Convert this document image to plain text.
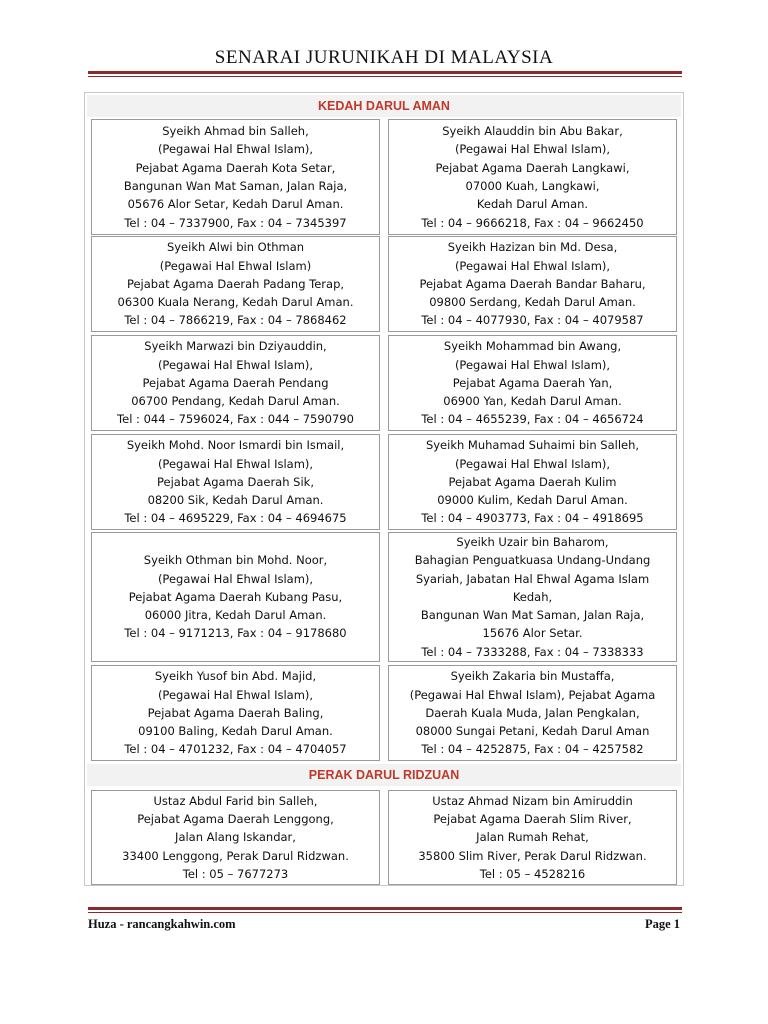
SENARAI JURUNIKAH DI MALAYSIA
KEDAH DARUL AMAN
Syeikh Ahmad bin Salleh,
(Pegawai Hal Ehwal Islam),
Pejabat Agama Daerah Kota Setar,
Bangunan Wan Mat Saman, Jalan Raja,
05676 Alor Setar, Kedah Darul Aman.
Tel : 04 – 7337900, Fax : 04 – 7345397
Syeikh Alauddin bin Abu Bakar,
(Pegawai Hal Ehwal Islam),
Pejabat Agama Daerah Langkawi,
07000 Kuah, Langkawi,
Kedah Darul Aman.
Tel : 04 – 9666218, Fax : 04 – 9662450
Syeikh Alwi bin Othman
(Pegawai Hal Ehwal Islam)
Pejabat Agama Daerah Padang Terap,
06300 Kuala Nerang, Kedah Darul Aman.
Tel : 04 – 7866219, Fax : 04 – 7868462
Syeikh Hazizan bin Md. Desa,
(Pegawai Hal Ehwal Islam),
Pejabat Agama Daerah Bandar Baharu,
09800 Serdang, Kedah Darul Aman.
Tel : 04 – 4077930, Fax : 04 – 4079587
Syeikh Marwazi bin Dziyauddin,
(Pegawai Hal Ehwal Islam),
Pejabat Agama Daerah Pendang
06700 Pendang, Kedah Darul Aman.
Tel : 044 – 7596024, Fax : 044 – 7590790
Syeikh Mohammad bin Awang,
(Pegawai Hal Ehwal Islam),
Pejabat Agama Daerah Yan,
06900 Yan, Kedah Darul Aman.
Tel : 04 – 4655239, Fax : 04 – 4656724
Syeikh Mohd. Noor Ismardi bin Ismail,
(Pegawai Hal Ehwal Islam),
Pejabat Agama Daerah Sik,
08200 Sik, Kedah Darul Aman.
Tel : 04 – 4695229, Fax : 04 – 4694675
Syeikh Muhamad Suhaimi bin Salleh,
(Pegawai Hal Ehwal Islam),
Pejabat Agama Daerah Kulim
09000 Kulim, Kedah Darul Aman.
Tel : 04 – 4903773, Fax : 04 – 4918695
Syeikh Othman bin Mohd. Noor,
(Pegawai Hal Ehwal Islam),
Pejabat Agama Daerah Kubang Pasu,
06000 Jitra, Kedah Darul Aman.
Tel : 04 – 9171213, Fax : 04 – 9178680
Syeikh Uzair bin Baharom,
Bahagian Penguatkuasa Undang-Undang
Syariah, Jabatan Hal Ehwal Agama Islam
Kedah,
Bangunan Wan Mat Saman, Jalan Raja,
15676 Alor Setar.
Tel : 04 – 7333288, Fax : 04 – 7338333
Syeikh Yusof bin Abd. Majid,
(Pegawai Hal Ehwal Islam),
Pejabat Agama Daerah Baling,
09100 Baling, Kedah Darul Aman.
Tel : 04 – 4701232, Fax : 04 – 4704057
Syeikh Zakaria bin Mustaffa,
(Pegawai Hal Ehwal Islam), Pejabat Agama
Daerah Kuala Muda, Jalan Pengkalan,
08000 Sungai Petani, Kedah Darul Aman
Tel : 04 – 4252875, Fax : 04 – 4257582
PERAK DARUL RIDZUAN
Ustaz Abdul Farid bin Salleh,
Pejabat Agama Daerah Lenggong,
Jalan Alang Iskandar,
33400 Lenggong, Perak Darul Ridzwan.
Tel : 05 – 7677273
Ustaz Ahmad Nizam bin Amiruddin
Pejabat Agama Daerah Slim River,
Jalan Rumah Rehat,
35800 Slim River, Perak Darul Ridzwan.
Tel : 05 – 4528216
Huza - rancangkahwin.com	Page 1
